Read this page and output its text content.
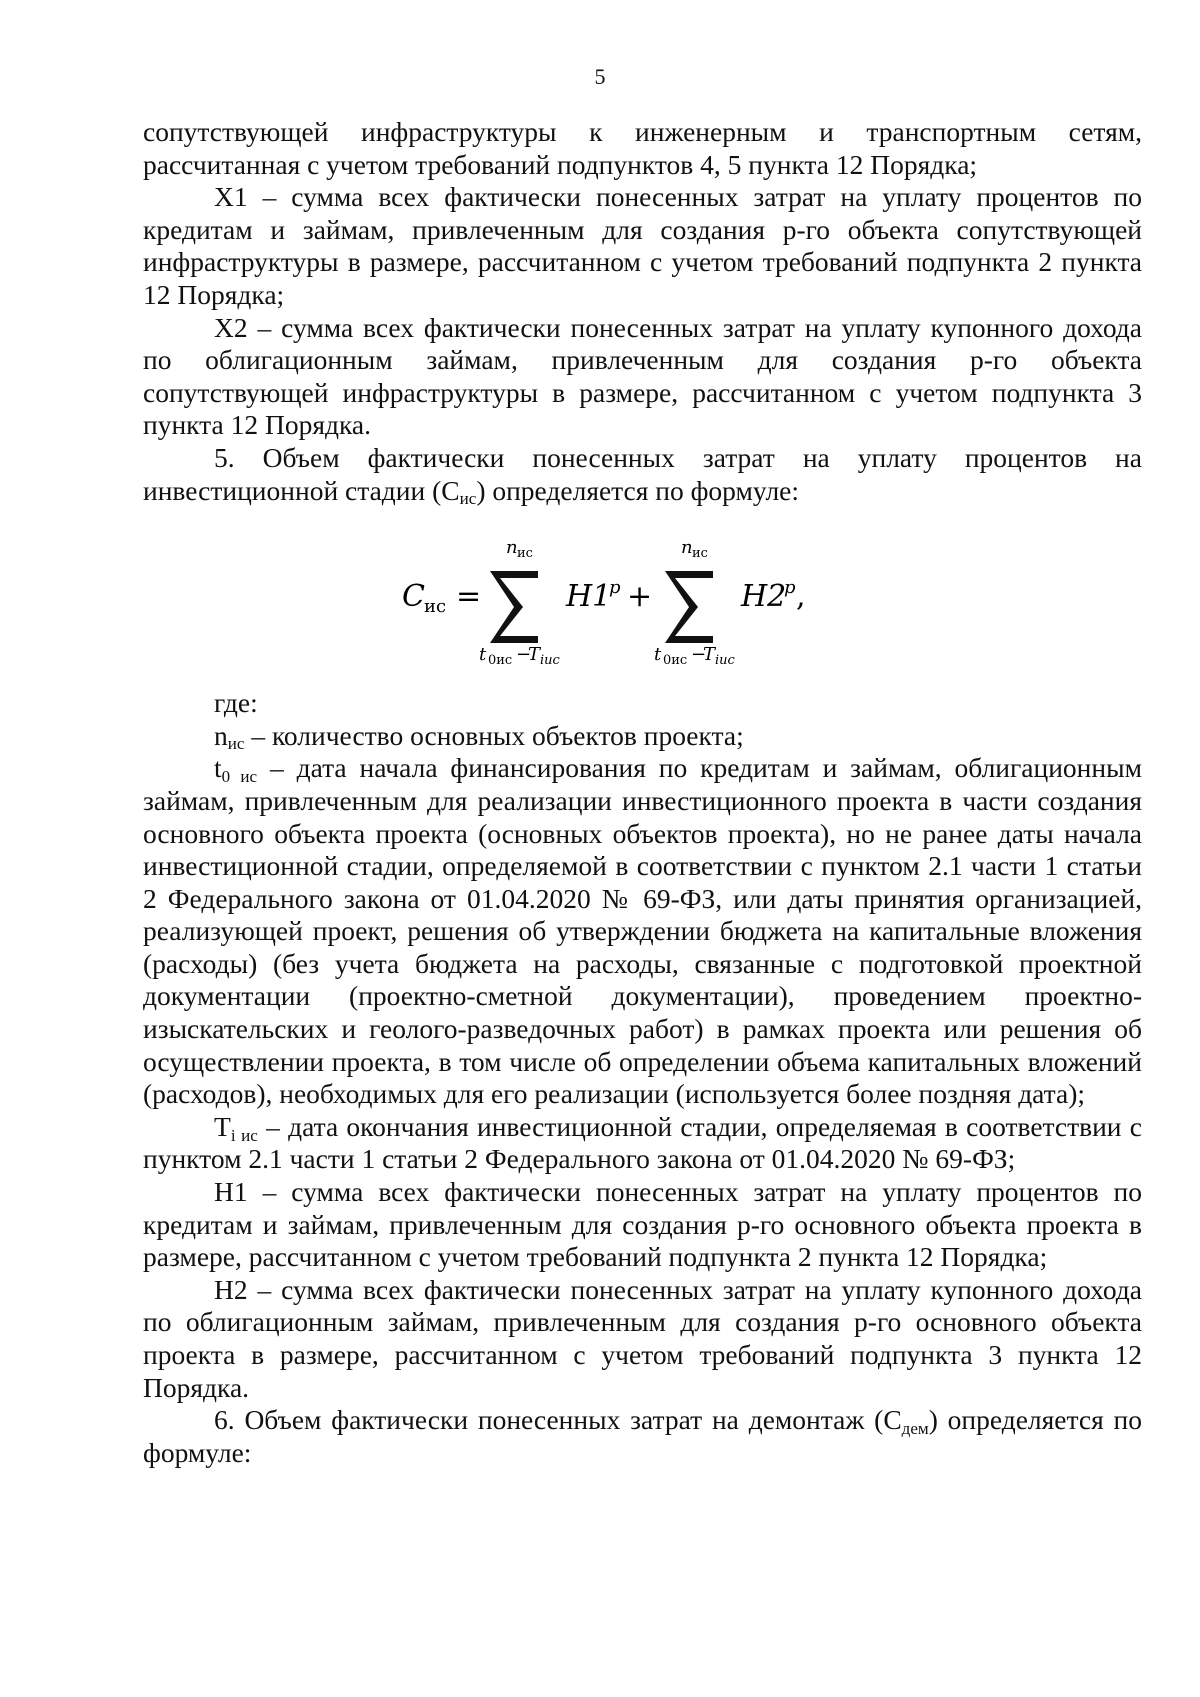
5

сопутствующей инфраструктуры к инженерным и транспортным сетям, рассчитанная с учетом требований подпунктов 4, 5 пункта 12 Порядка;

Х1 – сумма всех фактически понесенных затрат на уплату процентов по кредитам и займам, привлеченным для создания p-го объекта сопутствующей инфраструктуры в размере, рассчитанном с учетом требований подпункта 2 пункта 12 Порядка;

Х2 – сумма всех фактически понесенных затрат на уплату купонного дохода по облигационным займам, привлеченным для создания p-го объекта сопутствующей инфраструктуры в размере, рассчитанном с учетом подпункта 3 пункта 12 Порядка.

5. Объем фактически понесенных затрат на уплату процентов на инвестиционной стадии $(С_{ис})$ определяется по формуле:

C ис =
n ис
t 0ис −
T iис
H1
p +
n ис
t 0ис −
T iис
H2
p ,

где:

$n_{ис}$ – количество основных объектов проекта;

$t_{0 ис}$ – дата начала финансирования по кредитам и займам, облигационным займам, привлеченным для реализации инвестиционного проекта в части создания основного объекта проекта (основных объектов проекта), но не ранее даты начала инвестиционной стадии, определяемой в соответствии с пунктом 2.1 части 1 статьи 2 Федерального закона от 01.04.2020 № 69-ФЗ, или даты принятия организацией, реализующей проект, решения об утверждении бюджета на капитальные вложения (расходы) (без учета бюджета на расходы, связанные с подготовкой проектной документации (проектно-сметной документации), проведением проектно-изыскательских и геолого-разведочных работ) в рамках проекта или решения об осуществлении проекта, в том числе об определении объема капитальных вложений (расходов), необходимых для его реализации (используется более поздняя дата);

$T_{i ис}$ – дата окончания инвестиционной стадии, определяемая в соответствии с пунктом 2.1 части 1 статьи 2 Федерального закона от 01.04.2020 № 69-ФЗ;

Н1 – сумма всех фактически понесенных затрат на уплату процентов по кредитам и займам, привлеченным для создания p-го основного объекта проекта в размере, рассчитанном с учетом требований подпункта 2 пункта 12 Порядка;

Н2 – сумма всех фактически понесенных затрат на уплату купонного дохода по облигационным займам, привлеченным для создания p-го основного объекта проекта в размере, рассчитанном с учетом требований подпункта 3 пункта 12 Порядка.

6. Объем фактически понесенных затрат на демонтаж $(С_{дем})$ определяется по формуле:
